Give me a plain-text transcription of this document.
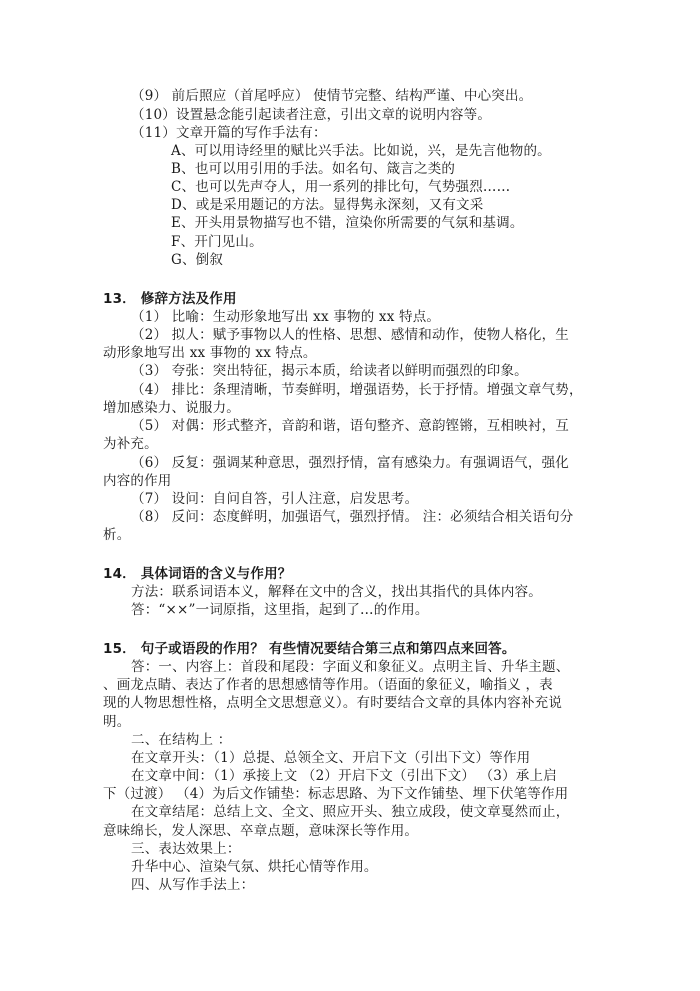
（9） 前后照应（首尾呼应） 使情节完整、结构严谨、中心突出。
（10）设置悬念能引起读者注意，引出文章的说明内容等。
（11）文章开篇的写作手法有：
A、可以用诗经里的赋比兴手法。比如说，兴，是先言他物的。
B、也可以用引用的手法。如名句、箴言之类的
C、也可以先声夺人，用一系列的排比句，气势强烈……
D、或是采用题记的方法。显得隽永深刻，又有文采
E、开头用景物描写也不错，渲染你所需要的气氛和基调。
F、开门见山。
G、倒叙
13． 修辞方法及作用
（1） 比喻：生动形象地写出 xx 事物的 xx 特点。
（2） 拟人：赋予事物以人的性格、思想、感情和动作，使物人格化，生
动形象地写出 xx 事物的 xx 特点。
（3） 夸张：突出特征，揭示本质，给读者以鲜明而强烈的印象。
（4） 排比：条理清晰，节奏鲜明，增强语势，长于抒情。增强文章气势，
增加感染力、说服力。
（5） 对偶：形式整齐，音韵和谐，语句整齐、意韵铿锵，互相映衬，互
为补充。
（6） 反复：强调某种意思，强烈抒情，富有感染力。有强调语气，强化
内容的作用
（7） 设问：自问自答，引人注意，启发思考。
（8） 反问：态度鲜明，加强语气，强烈抒情。 注：必须结合相关语句分
析。
14． 具体词语的含义与作用？
方法：联系词语本义，解释在文中的含义，找出其指代的具体内容。
答：“××”一词原指，这里指，起到了…的作用。
15． 句子或语段的作用？ 有些情况要结合第三点和第四点来回答。
答：一、内容上：首段和尾段：字面义和象征义。点明主旨、升华主题、
、画龙点睛、表达了作者的思想感情等作用。（语面的象征义，喻指义 ，表
现的人物思想性格，点明全文思想意义）。有时要结合文章的具体内容补充说
明。
二、在结构上 ：
在文章开头：（1）总提、总领全文、开启下文（引出下文）等作用
在文章中间：（1）承接上文 （2）开启下文（引出下文） （3）承上启
下（过渡） （4）为后文作铺垫：标志思路、为下文作铺垫、埋下伏笔等作用
在文章结尾：总结上文、全文、照应开头、独立成段，使文章戛然而止，
意味绵长，发人深思、卒章点题，意味深长等作用。
三、表达效果上：
升华中心、渲染气氛、烘托心情等作用。
四、从写作手法上：
